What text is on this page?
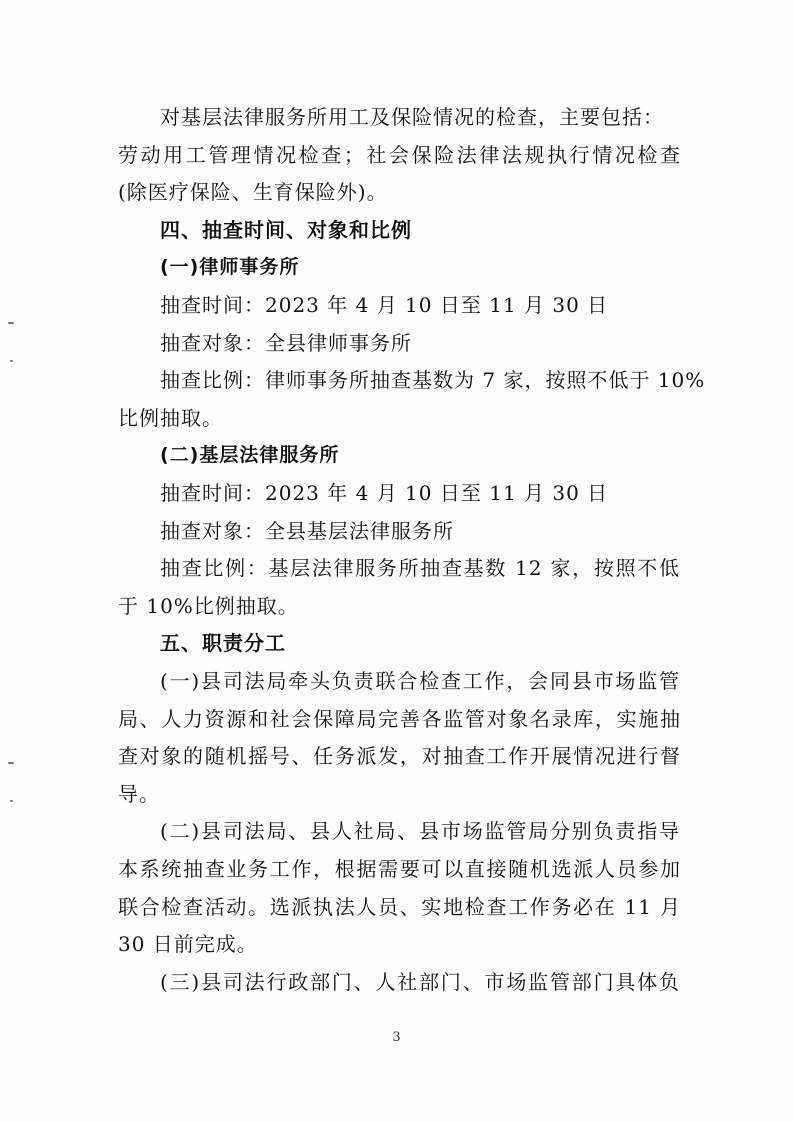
对基层法律服务所用工及保险情况的检查，主要包括：
劳动用工管理情况检查；社会保险法律法规执行情况检查
(除医疗保险、生育保险外)。
四、抽查时间、对象和比例
(一)律师事务所
抽查时间：2023 年 4 月 10 日至 11 月 30 日
抽查对象：全县律师事务所
抽查比例：律师事务所抽查基数为 7 家，按照不低于 10%
比例抽取。
(二)基层法律服务所
抽查时间：2023 年 4 月 10 日至 11 月 30 日
抽查对象：全县基层法律服务所
抽查比例：基层法律服务所抽查基数 12 家，按照不低
于 10%比例抽取。
五、职责分工
(一)县司法局牵头负责联合检查工作，会同县市场监管
局、人力资源和社会保障局完善各监管对象名录库，实施抽
查对象的随机摇号、任务派发，对抽查工作开展情况进行督
导。
3
(二)县司法局、县人社局、县市场监管局分别负责指导
本系统抽查业务工作，根据需要可以直接随机选派人员参加
联合检查活动。选派执法人员、实地检查工作务必在 11 月
30 日前完成。
(三)县司法行政部门、人社部门、市场监管部门具体负
